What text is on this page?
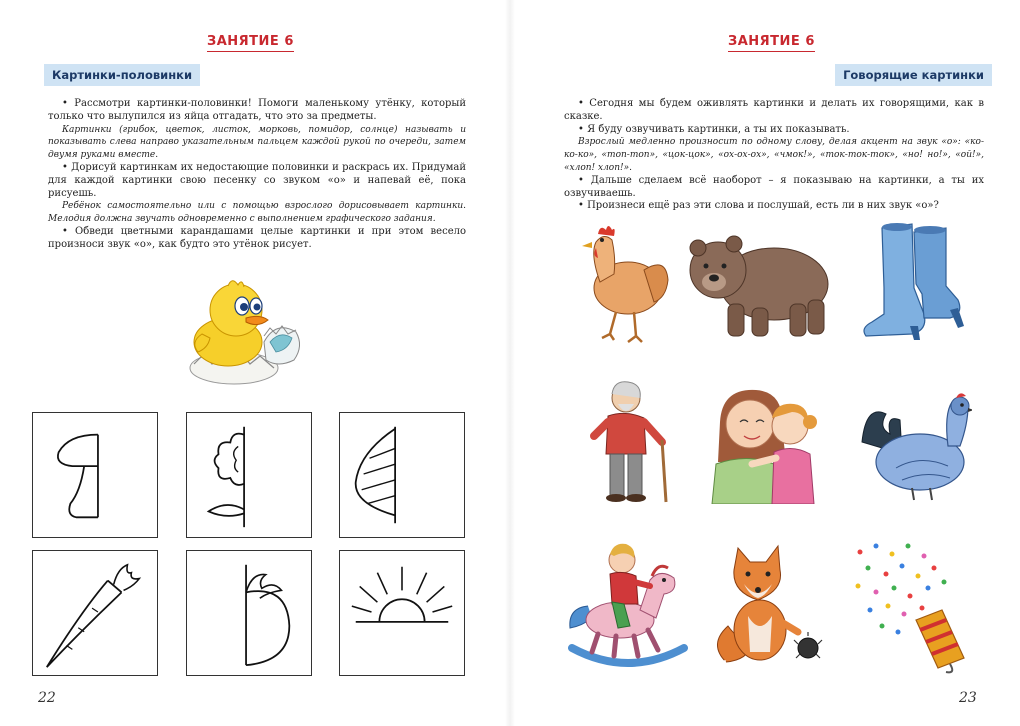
ЗАНЯТИЕ 6
Картинки-половинки

• Рассмотри картинки-половинки! Помоги маленькому утёнку, который только что вылупился из яйца отгадать, что это за предметы.

Картинки (грибок, цветок, листок, морковь, помидор, солнце) называть и показывать слева направо указательным пальцем каждой рукой по очереди, затем двумя руками вместе.

• Дорисуй картинкам их недостающие половинки и раскрась их. Придумай для каждой картинки свою песенку со звуком «о» и напевай её, пока рисуешь.

Ребёнок самостоятельно или с помощью взрослого дорисовывает картинки. Мелодия должна звучать одновременно с выполнением графического задания.

• Обведи цветными карандашами целые картинки и при этом весело произноси звук «о», как будто это утёнок рисует.

22
ЗАНЯТИЕ 6
Говорящие картинки

• Сегодня мы будем оживлять картинки и делать их говорящими, как в сказке.

• Я буду озвучивать картинки, а ты их показывать.

Взрослый медленно произносит по одному слову, делая акцент на звук «о»: «ко-ко-ко», «топ-топ», «цок-цок», «ох-ох-ох», «чмок!», «ток-ток-ток», «но! но!», «ой!», «хлоп! хлоп!».

• Дальше сделаем всё наоборот – я показываю на картинки, а ты их озвучиваешь.

• Произнеси ещё раз эти слова и послушай, есть ли в них звук «о»?

23
